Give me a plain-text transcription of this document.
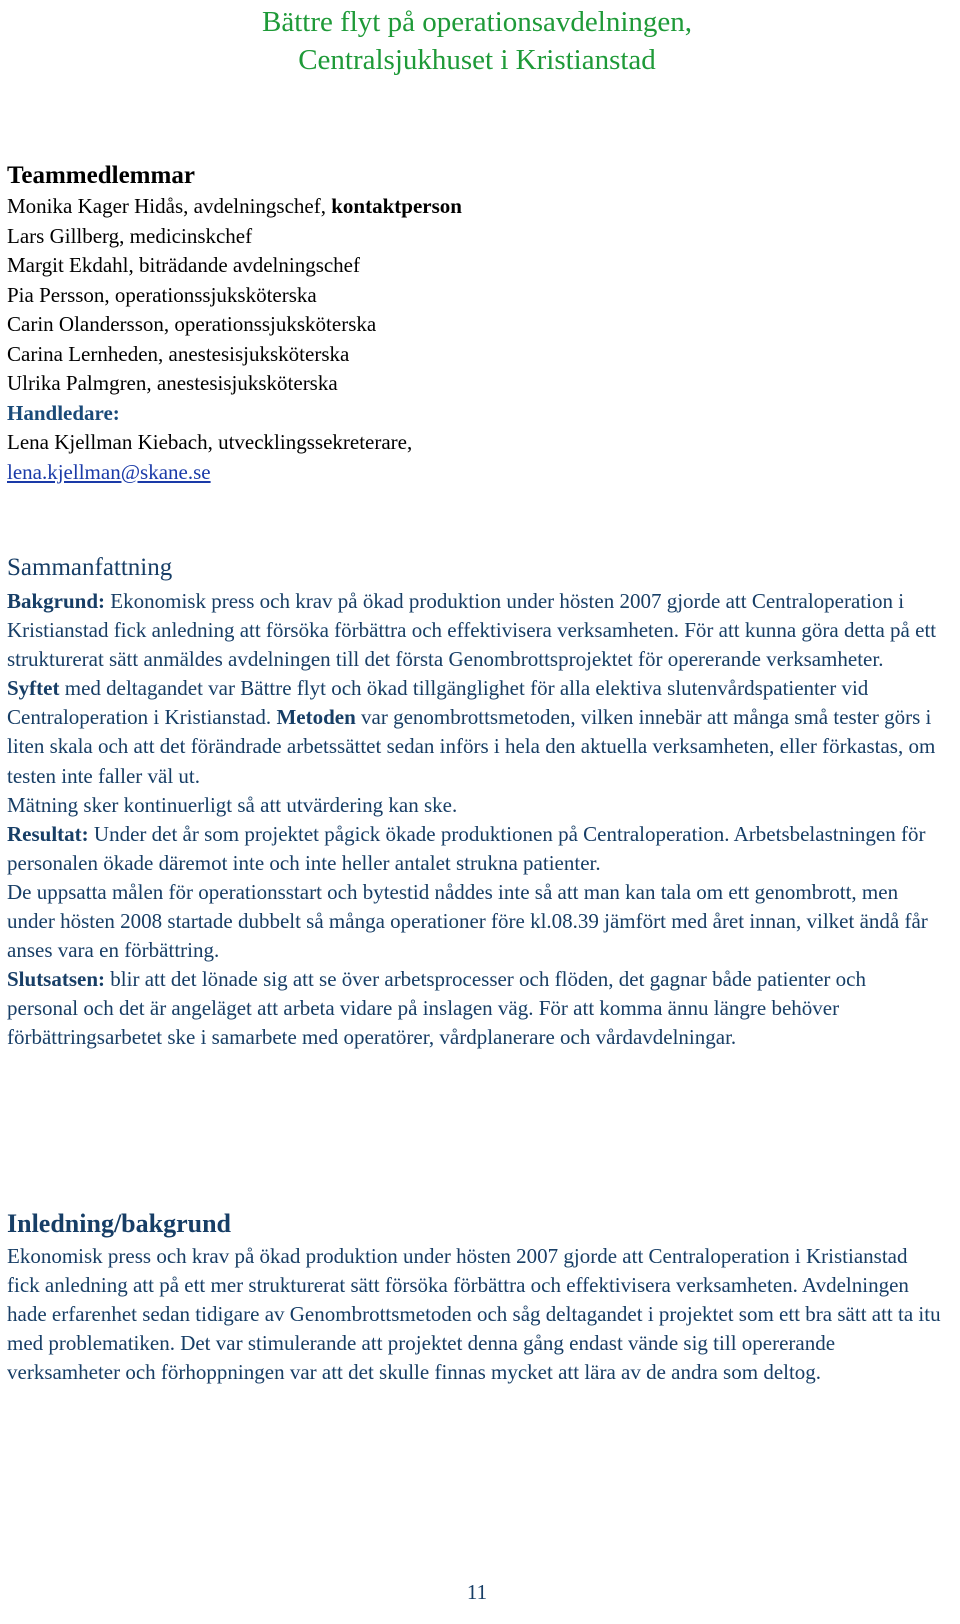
Bättre flyt på operationsavdelningen,
Centralsjukhuset i Kristianstad
Teammedlemmar
Monika Kager Hidås, avdelningschef, kontaktperson
Lars Gillberg, medicinskchef
Margit Ekdahl, biträdande avdelningschef
Pia Persson, operationssjuksköterska
Carin Olandersson, operationssjuksköterska
Carina Lernheden, anestesisjuksköterska
Ulrika Palmgren, anestesisjuksköterska
Handledare:
Lena Kjellman Kiebach, utvecklingssekreterare,
lena.kjellman@skane.se
Sammanfattning

Bakgrund: Ekonomisk press och krav på ökad produktion under hösten 2007 gjorde att Centraloperation i Kristianstad fick anledning att försöka förbättra och effektivisera verksamheten. För att kunna göra detta på ett strukturerat sätt anmäldes avdelningen till det första Genombrottsprojektet för opererande verksamheter.

Syftet med deltagandet var Bättre flyt och ökad tillgänglighet för alla elektiva slutenvårdspatienter vid Centraloperation i Kristianstad. Metoden var genombrottsmetoden, vilken innebär att många små tester görs i liten skala och att det förändrade arbetssättet sedan införs i hela den aktuella verksamheten, eller förkastas, om testen inte faller väl ut.

Mätning sker kontinuerligt så att utvärdering kan ske.

Resultat: Under det år som projektet pågick ökade produktionen på Centraloperation. Arbetsbelastningen för personalen ökade däremot inte och inte heller antalet strukna patienter.

De uppsatta målen för operationsstart och bytestid nåddes inte så att man kan tala om ett genombrott, men under hösten 2008 startade dubbelt så många operationer före kl.08.39 jämfört med året innan, vilket ändå får anses vara en förbättring.

Slutsatsen: blir att det lönade sig att se över arbetsprocesser och flöden, det gagnar både patienter och personal och det är angeläget att arbeta vidare på inslagen väg. För att komma ännu längre behöver förbättringsarbetet ske i samarbete med operatörer, vårdplanerare och vårdavdelningar.

Inledning/bakgrund

Ekonomisk press och krav på ökad produktion under hösten 2007 gjorde att Centraloperation i Kristianstad fick anledning att på ett mer strukturerat sätt försöka förbättra och effektivisera verksamheten. Avdelningen hade erfarenhet sedan tidigare av Genombrottsmetoden och såg deltagandet i projektet som ett bra sätt att ta itu med problematiken. Det var stimulerande att projektet denna gång endast vände sig till opererande verksamheter och förhoppningen var att det skulle finnas mycket att lära av de andra som deltog.

11
